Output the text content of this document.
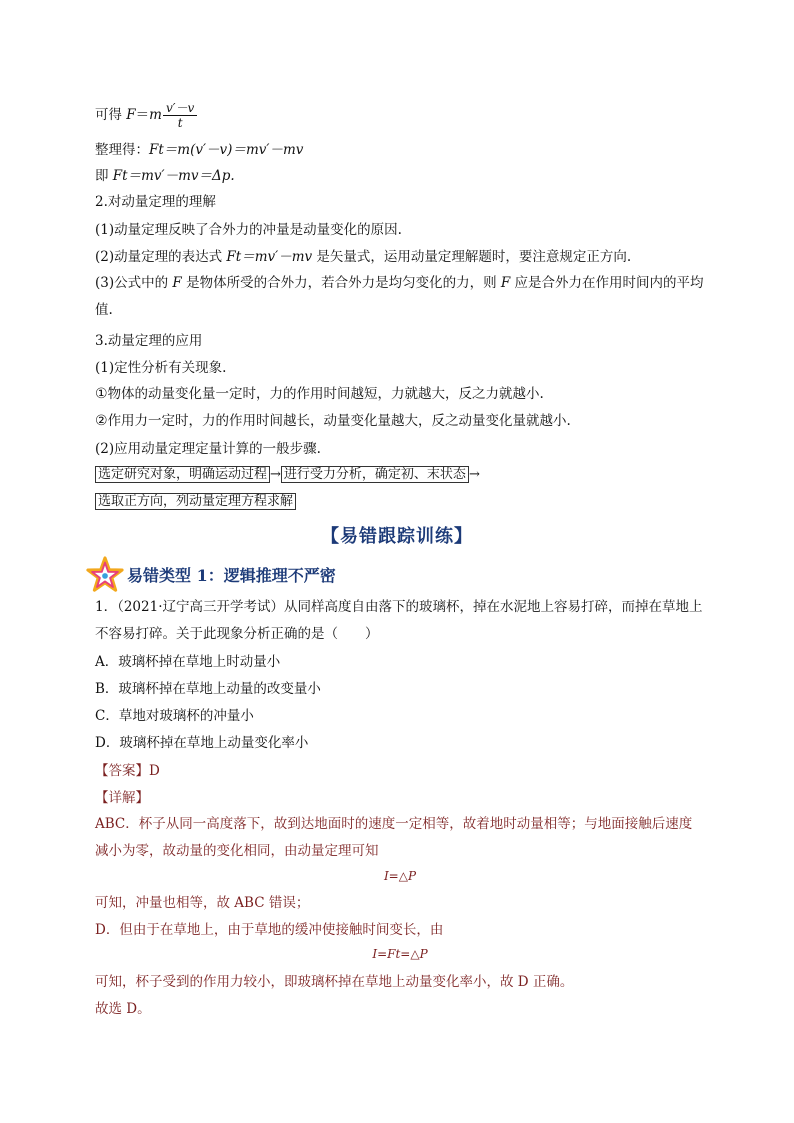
可得 $F=m \frac{v'-v}{t}$
整理得：Ft＝m(v′－v)＝mv′－mv
即 Ft＝mv′－mv＝Δp.
2.对动量定理的理解
(1)动量定理反映了合外力的冲量是动量变化的原因.
(2)动量定理的表达式 Ft＝mv′－mv 是矢量式，运用动量定理解题时，要注意规定正方向.
(3)公式中的 F 是物体所受的合外力，若合外力是均匀变化的力，则 F 应是合外力在作用时间内的平均值.
3.动量定理的应用
(1)定性分析有关现象.
①物体的动量变化量一定时，力的作用时间越短，力就越大，反之力就越小.
②作用力一定时，力的作用时间越长，动量变化量越大，反之动量变化量就越小.
(2)应用动量定理定量计算的一般步骤.
选定研究对象，明确运动过程 → 进行受力分析，确定初、末状态 →
选取正方向，列动量定理方程求解
【易错跟踪训练】
易错类型 1：逻辑推理不严密
1．（2021·辽宁高三开学考试）从同样高度自由落下的玻璃杯，掉在水泥地上容易打碎，而掉在草地上不容易打碎。关于此现象分析正确的是（　　）
A．玻璃杯掉在草地上时动量小
B．玻璃杯掉在草地上动量的改变量小
C．草地对玻璃杯的冲量小
D．玻璃杯掉在草地上动量变化率小
【答案】D
【详解】
ABC．杯子从同一高度落下，故到达地面时的速度一定相等，故着地时动量相等；与地面接触后速度减小为零，故动量的变化相同，由动量定理可知
I=△P
可知，冲量也相等，故 ABC 错误；
D．但由于在草地上，由于草地的缓冲使接触时间变长，由
I=Ft=△P
可知，杯子受到的作用力较小，即玻璃杯掉在草地上动量变化率小，故 D 正确。
故选 D。
